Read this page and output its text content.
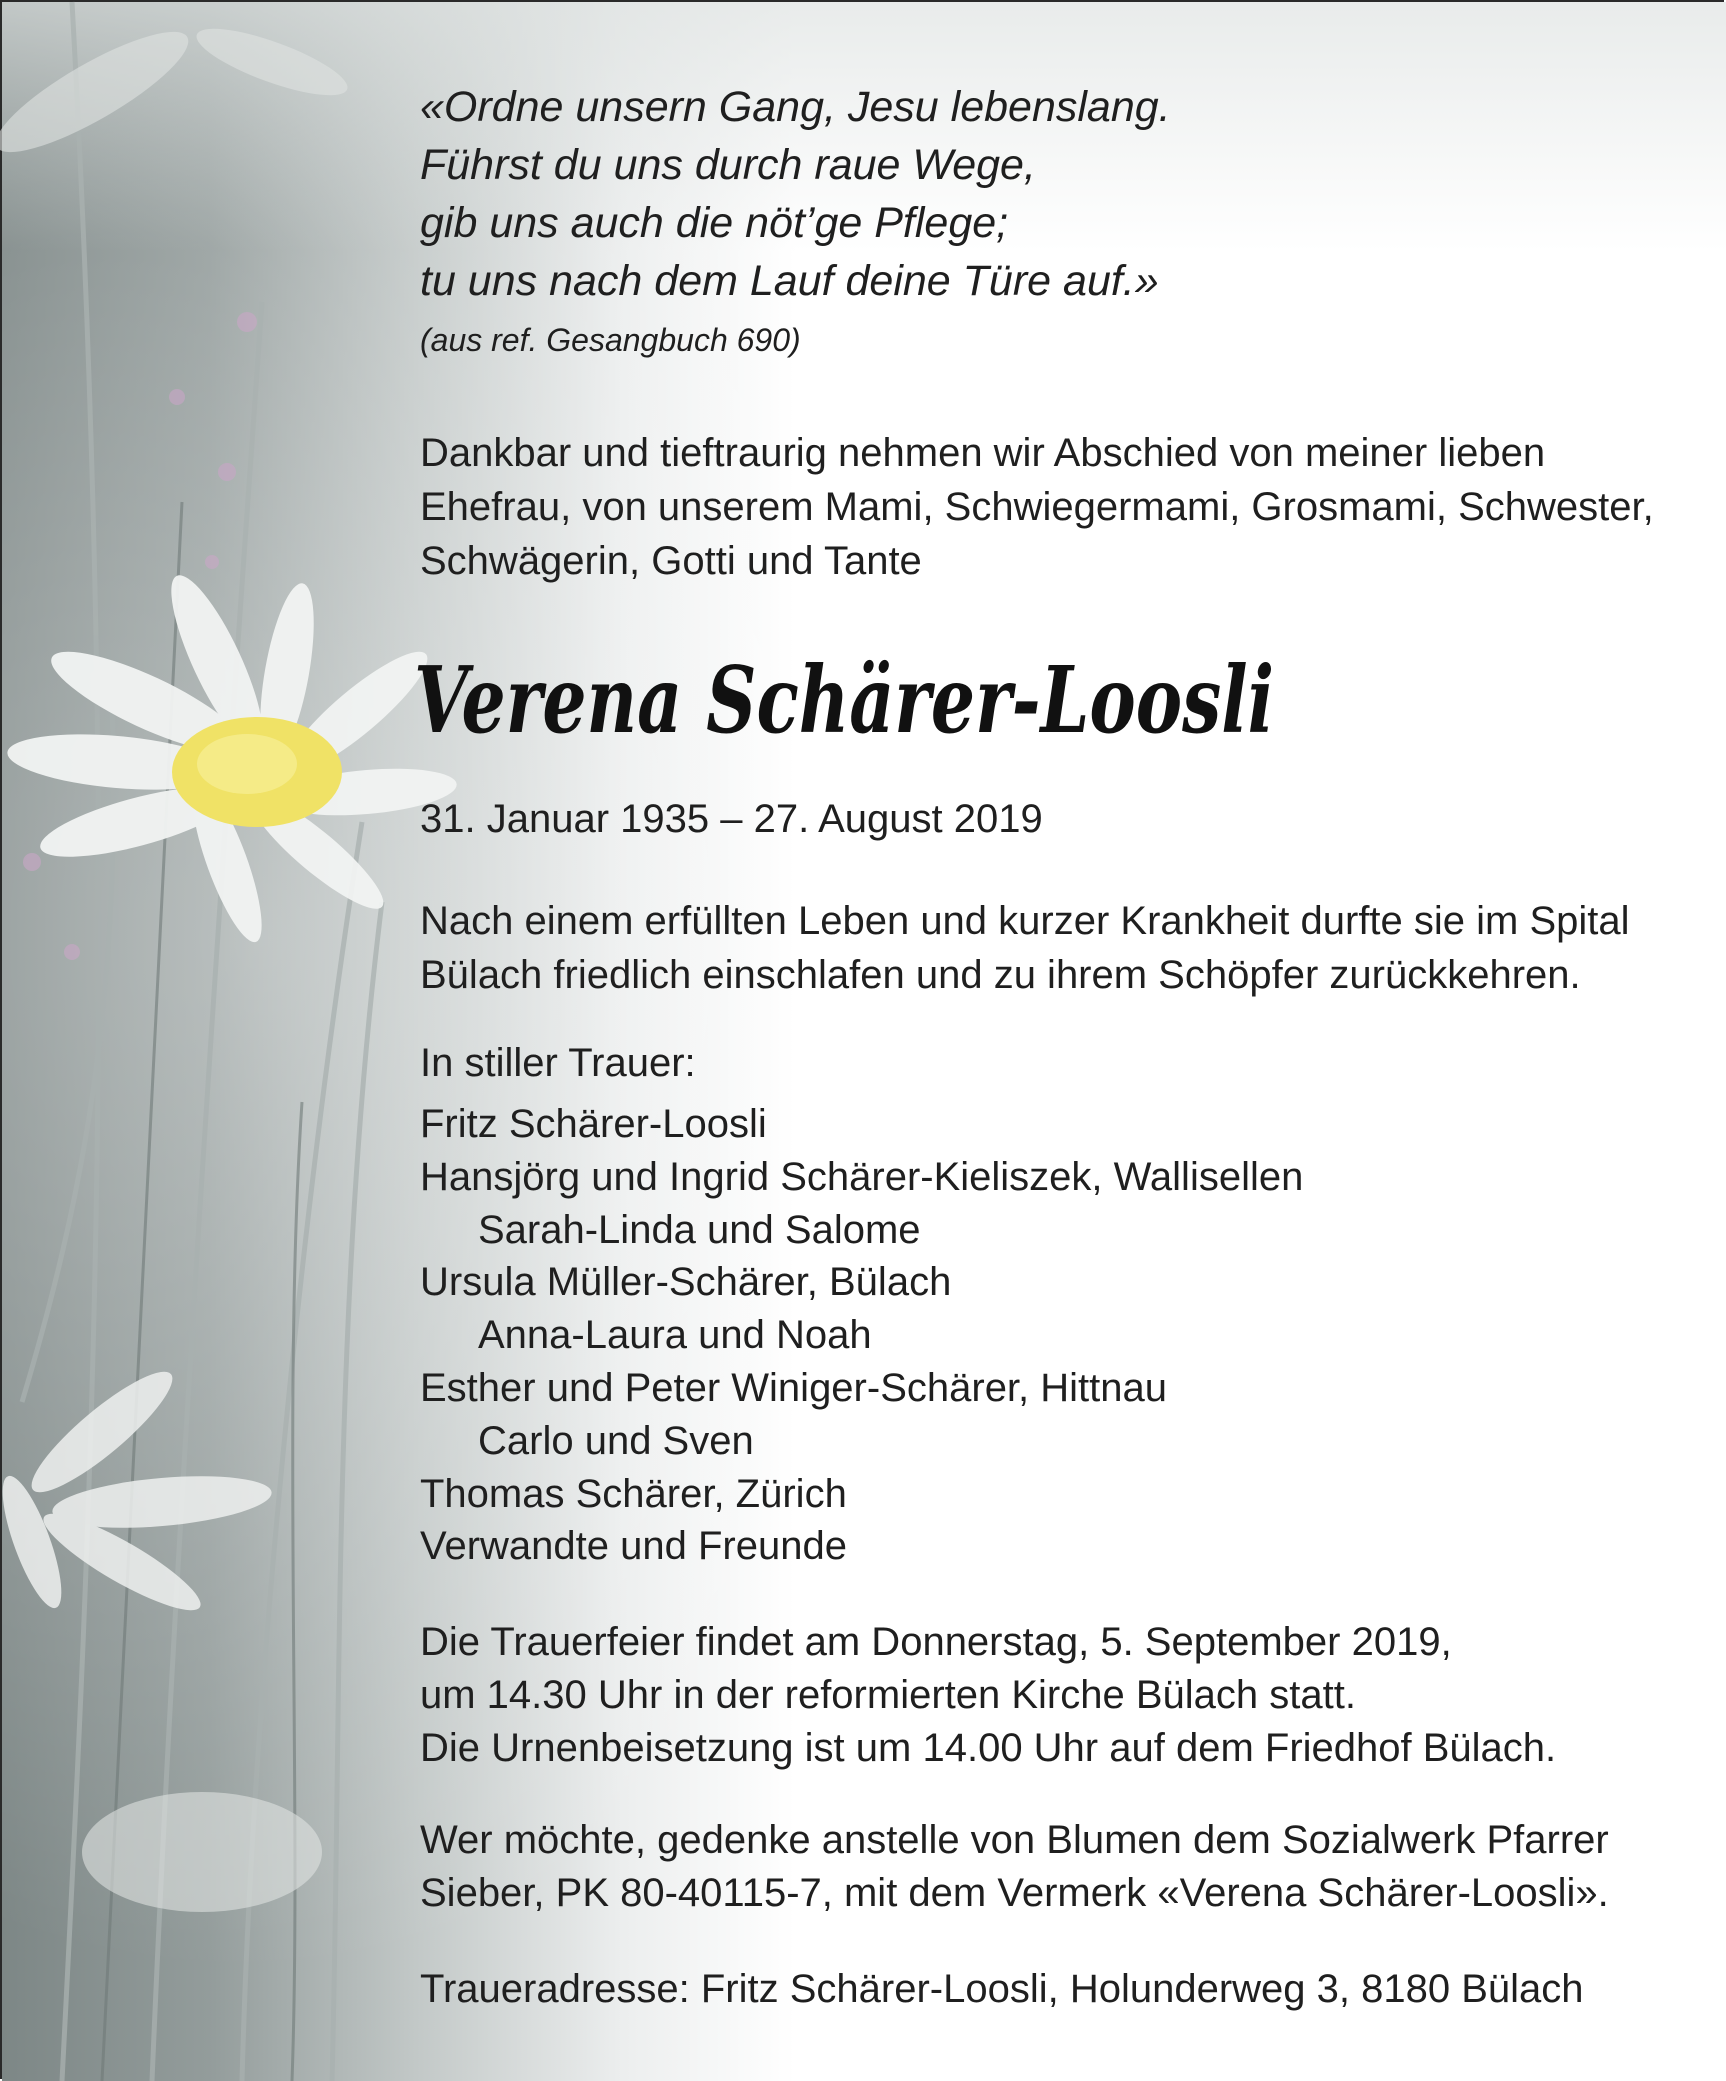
«Ordne unsern Gang, Jesu lebenslang.
Führst du uns durch raue Wege,
gib uns auch die nöt’ge Pflege;
tu uns nach dem Lauf deine Türe auf.»

(aus ref. Gesangbuch 690)

Dankbar und tieftraurig nehmen wir Abschied von meiner lieben
Ehefrau, von unserem Mami, Schwiegermami, Grosmami, Schwester,
Schwägerin, Gotti und Tante
Verena Schärer-Loosli

31. Januar 1935 – 27. August 2019

Nach einem erfüllten Leben und kurzer Krankheit durfte sie im Spital
Bülach friedlich einschlafen und zu ihrem Schöpfer zurückkehren.

In stiller Trauer:

Fritz Schärer-Loosli
Hansjörg und Ingrid Schärer-Kieliszek, Wallisellen
Sarah-Linda und Salome
Ursula Müller-Schärer, Bülach
Anna-Laura und Noah
Esther und Peter Winiger-Schärer, Hittnau
Carlo und Sven
Thomas Schärer, Zürich
Verwandte und Freunde
Die Trauerfeier findet am Donnerstag, 5. September 2019,
um 14.30 Uhr in der reformierten Kirche Bülach statt.
Die Urnenbeisetzung ist um 14.00 Uhr auf dem Friedhof Bülach.
Wer möchte, gedenke anstelle von Blumen dem Sozialwerk Pfarrer
Sieber, PK 80-40115-7, mit dem Vermerk «Verena Schärer-Loosli».

Traueradresse: Fritz Schärer-Loosli, Holunderweg 3, 8180 Bülach
